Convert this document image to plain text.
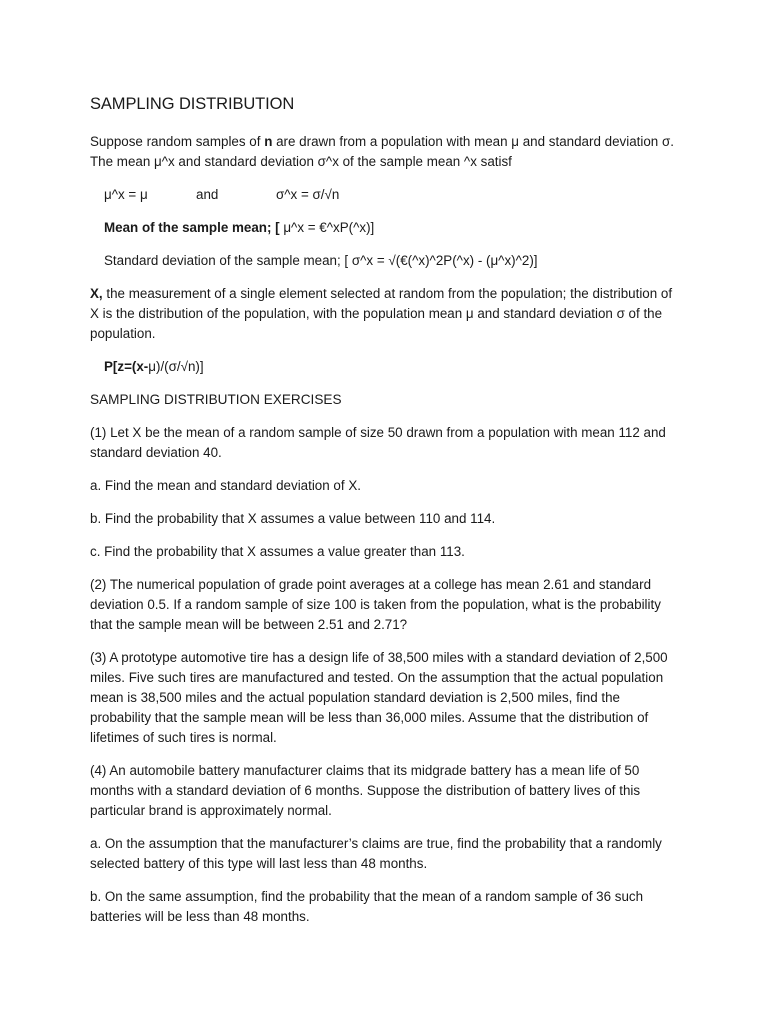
SAMPLING DISTRIBUTION

Suppose random samples of n are drawn from a population with mean μ and standard deviation σ. The mean μ^x and standard deviation σ^x of the sample mean ^x satisf

μ^x = μ	and	σ^x = σ/√n

Mean of the sample mean; [ μ^x = €^xP(^x)]

Standard deviation of the sample mean; [ σ^x = √(€(^x)^2P(^x) - (μ^x)^2)]

X, the measurement of a single element selected at random from the population; the distribution of X is the distribution of the population, with the population mean μ and standard deviation σ of the population.

P[z=(x-μ)/(σ/√n)]

SAMPLING DISTRIBUTION EXERCISES

(1) Let X be the mean of a random sample of size 50 drawn from a population with mean 112 and standard deviation 40.

a. Find the mean and standard deviation of X.

b. Find the probability that X assumes a value between 110 and 114.

c. Find the probability that X assumes a value greater than 113.

(2) The numerical population of grade point averages at a college has mean 2.61 and standard deviation 0.5. If a random sample of size 100 is taken from the population, what is the probability that the sample mean will be between 2.51 and 2.71?

(3) A prototype automotive tire has a design life of 38,500 miles with a standard deviation of 2,500 miles. Five such tires are manufactured and tested. On the assumption that the actual population mean is 38,500 miles and the actual population standard deviation is 2,500 miles, find the probability that the sample mean will be less than 36,000 miles. Assume that the distribution of lifetimes of such tires is normal.

(4) An automobile battery manufacturer claims that its midgrade battery has a mean life of 50 months with a standard deviation of 6 months. Suppose the distribution of battery lives of this particular brand is approximately normal.

a. On the assumption that the manufacturer’s claims are true, find the probability that a randomly selected battery of this type will last less than 48 months.

b. On the same assumption, find the probability that the mean of a random sample of 36 such batteries will be less than 48 months.
